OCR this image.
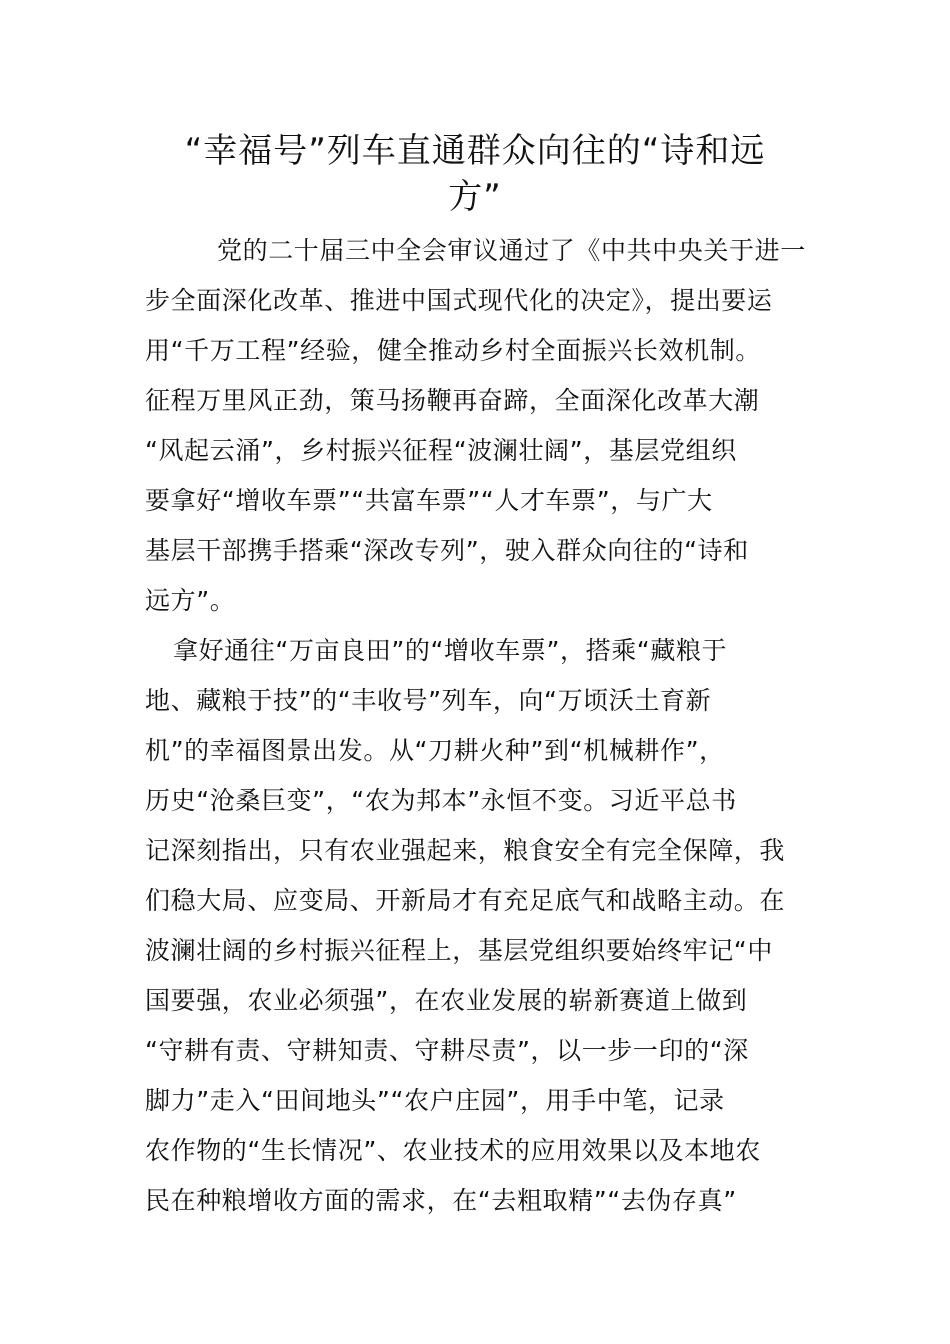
“幸福号”列车直通群众向往的“诗和远
方”
党的二十届三中全会审议通过了《中共中央关于进一
步全面深化改革、推进中国式现代化的决定》，提出要运
用“千万工程”经验，健全推动乡村全面振兴长效机制。
征程万里风正劲，策马扬鞭再奋蹄，全面深化改革大潮
“风起云涌”，乡村振兴征程“波澜壮阔”，基层党组织
要拿好“增收车票”“共富车票”“人才车票”，与广大
基层干部携手搭乘“深改专列”，驶入群众向往的“诗和
远方”。
拿好通往“万亩良田”的“增收车票”，搭乘“藏粮于
地、藏粮于技”的“丰收号”列车，向“万顷沃土育新
机”的幸福图景出发。从“刀耕火种”到“机械耕作”，
历史“沧桑巨变”，“农为邦本”永恒不变。习近平总书
记深刻指出，只有农业强起来，粮食安全有完全保障，我
们稳大局、应变局、开新局才有充足底气和战略主动。在
波澜壮阔的乡村振兴征程上，基层党组织要始终牢记“中
国要强，农业必须强”，在农业发展的崭新赛道上做到
“守耕有责、守耕知责、守耕尽责”，以一步一印的“深
脚力”走入“田间地头”“农户庄园”，用手中笔，记录
农作物的“生长情况”、农业技术的应用效果以及本地农
民在种粮增收方面的需求，在“去粗取精”“去伪存真”
